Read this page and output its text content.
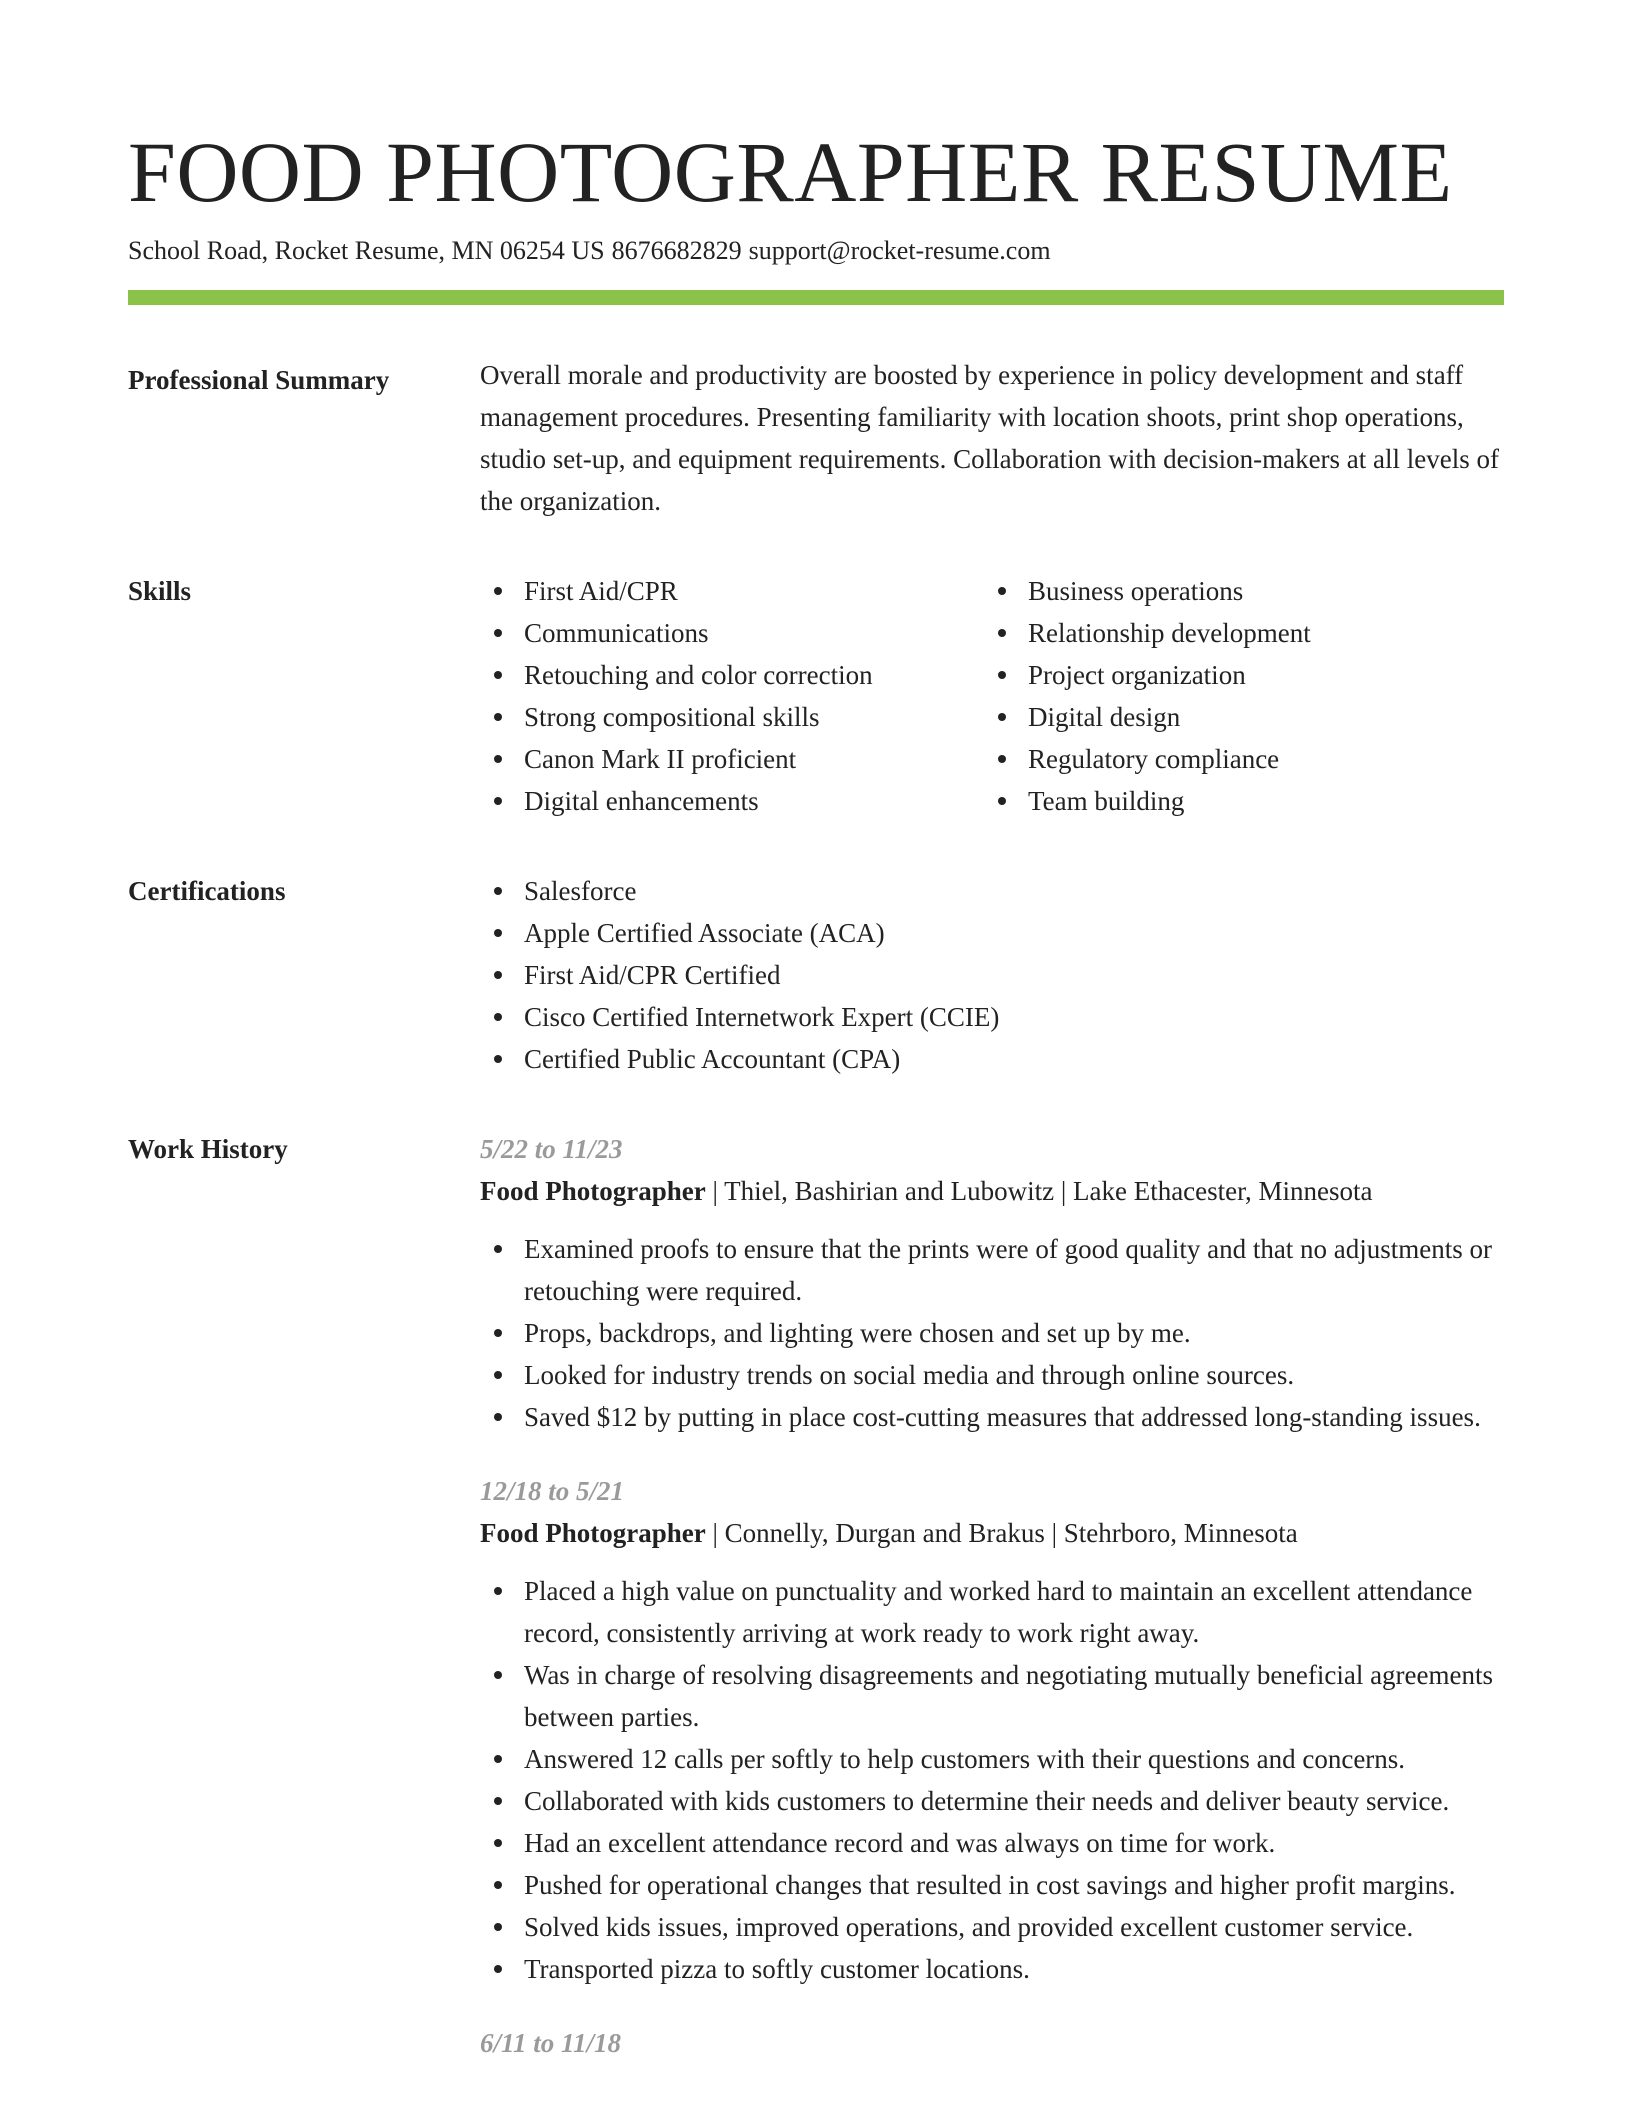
FOOD PHOTOGRAPHER RESUME
School Road, Rocket Resume, MN 06254 US 8676682829 support@rocket-resume.com
Professional Summary	Overall morale and productivity are boosted by experience in policy development and staff management procedures. Presenting familiarity with location shoots, print shop operations, studio set-up, and equipment requirements. Collaboration with decision-makers at all levels of the organization.

Skills	First Aid/CPR
Communications
Retouching and color correction
Strong compositional skills
Canon Mark II proficient
Digital enhancements
Business operations
Relationship development
Project organization
Digital design
Regulatory compliance
Team building
Certifications	Salesforce
Apple Certified Associate (ACA)
First Aid/CPR Certified
Cisco Certified Internetwork Expert (CCIE)
Certified Public Accountant (CPA)
Work History	5/22 to 11/23
Food Photographer | Thiel, Bashirian and Lubowitz | Lake Ethacester, Minnesota
Examined proofs to ensure that the prints were of good quality and that no adjustments or retouching were required.
Props, backdrops, and lighting were chosen and set up by me.
Looked for industry trends on social media and through online sources.
Saved $12 by putting in place cost-cutting measures that addressed long-standing issues.
12/18 to 5/21
Food Photographer | Connelly, Durgan and Brakus | Stehrboro, Minnesota
Placed a high value on punctuality and worked hard to maintain an excellent attendance record, consistently arriving at work ready to work right away.
Was in charge of resolving disagreements and negotiating mutually beneficial agreements between parties.
Answered 12 calls per softly to help customers with their questions and concerns.
Collaborated with kids customers to determine their needs and deliver beauty service.
Had an excellent attendance record and was always on time for work.
Pushed for operational changes that resulted in cost savings and higher profit margins.
Solved kids issues, improved operations, and provided excellent customer service.
Transported pizza to softly customer locations.
6/11 to 11/18
